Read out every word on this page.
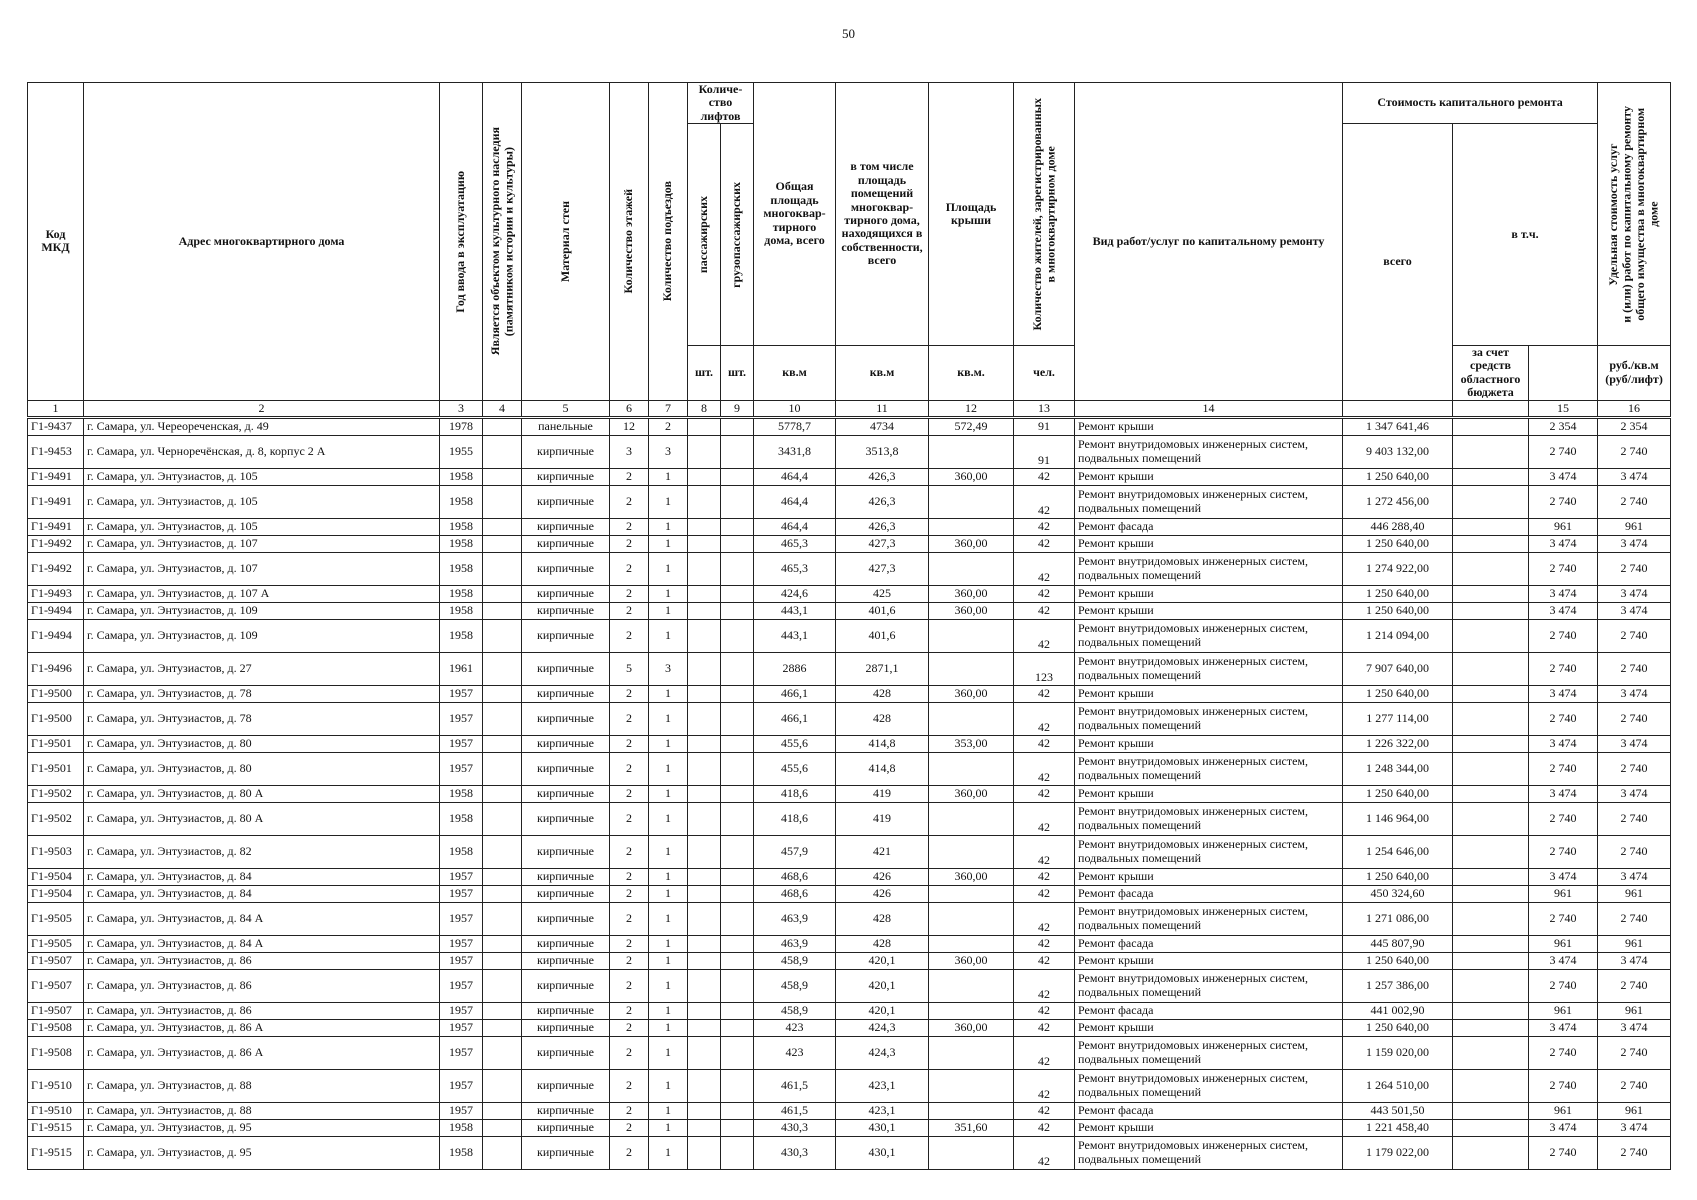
50
Код МКД	Адрес многоквартирного дома	Год ввода в эксплуатацию	Является объектом культурного наследия
(памятником истории и культуры)	Материал стен	Количество этажей	Количество подъездов	Количе-ство лифтов		Общая площадь многоквар-тирного дома, всего	в том числе площадь помещений многоквар-тирного дома, находящихся в собственности, всего	Площадь крыши	Количество жителей, зарегистрированных
в многоквартирном доме	Вид работ/услуг по капитальному ремонту	Стоимость капитального ремонта			Удельная стоимость услуг
и (или) работ по капитальному ремонту
общего имущества в многоквартирном
доме

							пассажирских	грузопассажирских						всего	в т.ч.			
							шт.	шт.	кв.м	кв.м	кв.м.	чел.			за счет средств областного бюджета		руб./кв.м (руб/лифт)	
1	2	3	4	5	6	7	8	9	10	11	12	13	14			15	16	
Г1-9437	г. Самара, ул. Череореченская, д. 49	1978		панельные	12	2			5778,7	4734	572,49	91	Ремонт крыши	1 347 641,46		2 354	2 354	
Г1-9453	г. Самара, ул. Черноречёнская, д. 8, корпус 2 А	1955		кирпичные	3	3			3431,8	3513,8		91	Ремонт внутридомовых инженерных систем, подвальных помещений	9 403 132,00		2 740	2 740	
Г1-9491	г. Самара, ул. Энтузиастов, д. 105	1958		кирпичные	2	1			464,4	426,3	360,00	42	Ремонт крыши	1 250 640,00		3 474	3 474	
Г1-9491	г. Самара, ул. Энтузиастов, д. 105	1958		кирпичные	2	1			464,4	426,3		42	Ремонт внутридомовых инженерных систем, подвальных помещений	1 272 456,00		2 740	2 740	
Г1-9491	г. Самара, ул. Энтузиастов, д. 105	1958		кирпичные	2	1			464,4	426,3		42	Ремонт фасада	446 288,40		961	961	
Г1-9492	г. Самара, ул. Энтузиастов, д. 107	1958		кирпичные	2	1			465,3	427,3	360,00	42	Ремонт крыши	1 250 640,00		3 474	3 474	
Г1-9492	г. Самара, ул. Энтузиастов, д. 107	1958		кирпичные	2	1			465,3	427,3		42	Ремонт внутридомовых инженерных систем, подвальных помещений	1 274 922,00		2 740	2 740	
Г1-9493	г. Самара, ул. Энтузиастов, д. 107 А	1958		кирпичные	2	1			424,6	425	360,00	42	Ремонт крыши	1 250 640,00		3 474	3 474	
Г1-9494	г. Самара, ул. Энтузиастов, д. 109	1958		кирпичные	2	1			443,1	401,6	360,00	42	Ремонт крыши	1 250 640,00		3 474	3 474	
Г1-9494	г. Самара, ул. Энтузиастов, д. 109	1958		кирпичные	2	1			443,1	401,6		42	Ремонт внутридомовых инженерных систем, подвальных помещений	1 214 094,00		2 740	2 740	
Г1-9496	г. Самара, ул. Энтузиастов, д. 27	1961		кирпичные	5	3			2886	2871,1		123	Ремонт внутридомовых инженерных систем, подвальных помещений	7 907 640,00		2 740	2 740	
Г1-9500	г. Самара, ул. Энтузиастов, д. 78	1957		кирпичные	2	1			466,1	428	360,00	42	Ремонт крыши	1 250 640,00		3 474	3 474	
Г1-9500	г. Самара, ул. Энтузиастов, д. 78	1957		кирпичные	2	1			466,1	428		42	Ремонт внутридомовых инженерных систем, подвальных помещений	1 277 114,00		2 740	2 740	
Г1-9501	г. Самара, ул. Энтузиастов, д. 80	1957		кирпичные	2	1			455,6	414,8	353,00	42	Ремонт крыши	1 226 322,00		3 474	3 474	
Г1-9501	г. Самара, ул. Энтузиастов, д. 80	1957		кирпичные	2	1			455,6	414,8		42	Ремонт внутридомовых инженерных систем, подвальных помещений	1 248 344,00		2 740	2 740	
Г1-9502	г. Самара, ул. Энтузиастов, д. 80 А	1958		кирпичные	2	1			418,6	419	360,00	42	Ремонт крыши	1 250 640,00		3 474	3 474	
Г1-9502	г. Самара, ул. Энтузиастов, д. 80 А	1958		кирпичные	2	1			418,6	419		42	Ремонт внутридомовых инженерных систем, подвальных помещений	1 146 964,00		2 740	2 740	
Г1-9503	г. Самара, ул. Энтузиастов, д. 82	1958		кирпичные	2	1			457,9	421		42	Ремонт внутридомовых инженерных систем, подвальных помещений	1 254 646,00		2 740	2 740	
Г1-9504	г. Самара, ул. Энтузиастов, д. 84	1957		кирпичные	2	1			468,6	426	360,00	42	Ремонт крыши	1 250 640,00		3 474	3 474	
Г1-9504	г. Самара, ул. Энтузиастов, д. 84	1957		кирпичные	2	1			468,6	426		42	Ремонт фасада	450 324,60		961	961	
Г1-9505	г. Самара, ул. Энтузиастов, д. 84 А	1957		кирпичные	2	1			463,9	428		42	Ремонт внутридомовых инженерных систем, подвальных помещений	1 271 086,00		2 740	2 740	
Г1-9505	г. Самара, ул. Энтузиастов, д. 84 А	1957		кирпичные	2	1			463,9	428		42	Ремонт фасада	445 807,90		961	961	
Г1-9507	г. Самара, ул. Энтузиастов, д. 86	1957		кирпичные	2	1			458,9	420,1	360,00	42	Ремонт крыши	1 250 640,00		3 474	3 474	
Г1-9507	г. Самара, ул. Энтузиастов, д. 86	1957		кирпичные	2	1			458,9	420,1		42	Ремонт внутридомовых инженерных систем, подвальных помещений	1 257 386,00		2 740	2 740	
Г1-9507	г. Самара, ул. Энтузиастов, д. 86	1957		кирпичные	2	1			458,9	420,1		42	Ремонт фасада	441 002,90		961	961	
Г1-9508	г. Самара, ул. Энтузиастов, д. 86 А	1957		кирпичные	2	1			423	424,3	360,00	42	Ремонт крыши	1 250 640,00		3 474	3 474	
Г1-9508	г. Самара, ул. Энтузиастов, д. 86 А	1957		кирпичные	2	1			423	424,3		42	Ремонт внутридомовых инженерных систем, подвальных помещений	1 159 020,00		2 740	2 740	
Г1-9510	г. Самара, ул. Энтузиастов, д. 88	1957		кирпичные	2	1			461,5	423,1		42	Ремонт внутридомовых инженерных систем, подвальных помещений	1 264 510,00		2 740	2 740	
Г1-9510	г. Самара, ул. Энтузиастов, д. 88	1957		кирпичные	2	1			461,5	423,1		42	Ремонт фасада	443 501,50		961	961	
Г1-9515	г. Самара, ул. Энтузиастов, д. 95	1958		кирпичные	2	1			430,3	430,1	351,60	42	Ремонт крыши	1 221 458,40		3 474	3 474	
Г1-9515	г. Самара, ул. Энтузиастов, д. 95	1958		кирпичные	2	1			430,3	430,1		42	Ремонт внутридомовых инженерных систем, подвальных помещений	1 179 022,00		2 740	2 740	
